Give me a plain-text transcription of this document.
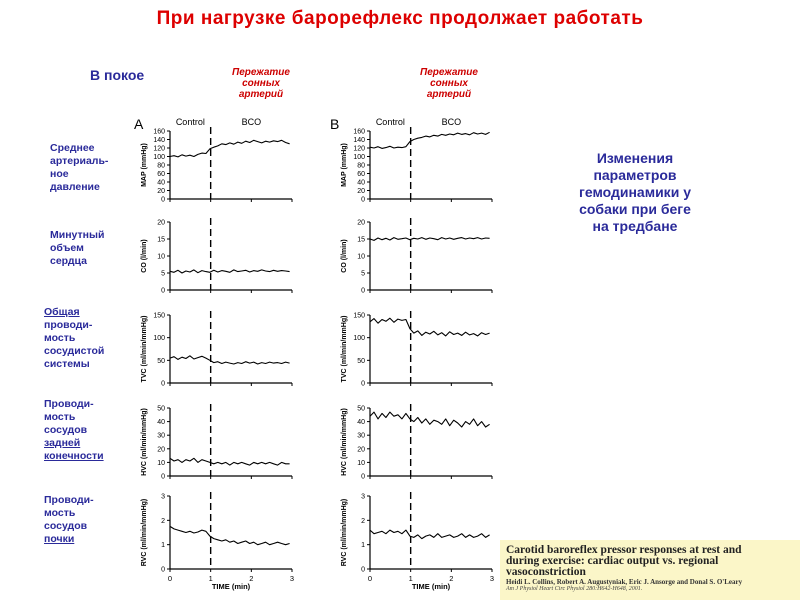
При нагрузке барорефлекс продолжает работать
В покое	Пережатие
сонных
артерий
Пережатие
сонных
артерий
Среднее
артериаль-
ное
давление
Минутный
объем
сердца
Общая
проводи-
мость
сосудистой
системы
Проводи-
мость
сосудов
задней
конечности
Проводи-
мость
сосудов
почки
Изменения
параметров
гемодинамики у
собаки при беге
на тредбане
A	Control	BCO
0
20
40
60
80
100
120
140
160
MAP (mmHg)
0
5
10
15
20
CO (l/min)
0
50
100
150
TVC (ml/min/mmHg)
0
10
20
30
40
50
HVC (ml/min/mmHg)
0
1
2
3
0	1	2	3
RVC (ml/min/mmHg)
TIME (min)
B	Control	BCO
0
20
40
60
80
100
120
140
160
MAP (mmHg)
0
5
10
15
20
CO (l/min)
0
50
100
150
TVC (ml/min/mmHg)
0
10
20
30
40
50
HVC (ml/min/mmHg)
0
1
2
3
0	1	2	3
RVC (ml/min/mmHg)
TIME (min)
Carotid baroreflex pressor responses at rest and
during exercise: cardiac output vs. regional
vasoconstriction
Heidi L. Collins, Robert A. Augustyniak, Eric J. Ansorge and Donal S. O'Leary
Am J Physiol Heart Circ Physiol 280:H642-H648, 2001.
